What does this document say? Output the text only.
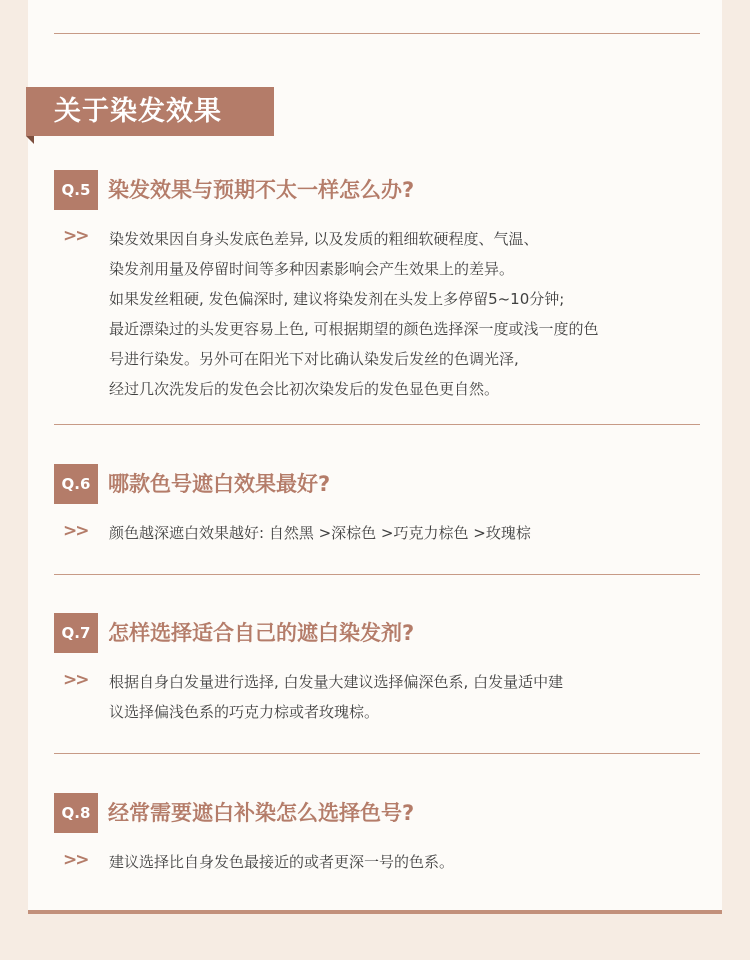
关于染发效果
Q.5 染发效果与预期不太一样怎么办?
>> 染发效果因自身头发底色差异, 以及发质的粗细软硬程度、气温、

染发剂用量及停留时间等多种因素影响会产生效果上的差异。

如果发丝粗硬, 发色偏深时, 建议将染发剂在头发上多停留5~10分钟;

最近漂染过的头发更容易上色, 可根据期望的颜色选择深一度或浅一度的色

号进行染发。另外可在阳光下对比确认染发后发丝的色调光泽,

经过几次洗发后的发色会比初次染发后的发色显色更自然。

Q.6 哪款色号遮白效果最好?
>> 颜色越深遮白效果越好: 自然黑 >深棕色 >巧克力棕色 >玫瑰棕

Q.7 怎样选择适合自己的遮白染发剂?
>> 根据自身白发量进行选择, 白发量大建议选择偏深色系, 白发量适中建

议选择偏浅色系的巧克力棕或者玫瑰棕。

Q.8 经常需要遮白补染怎么选择色号?
>> 建议选择比自身发色最接近的或者更深一号的色系。
